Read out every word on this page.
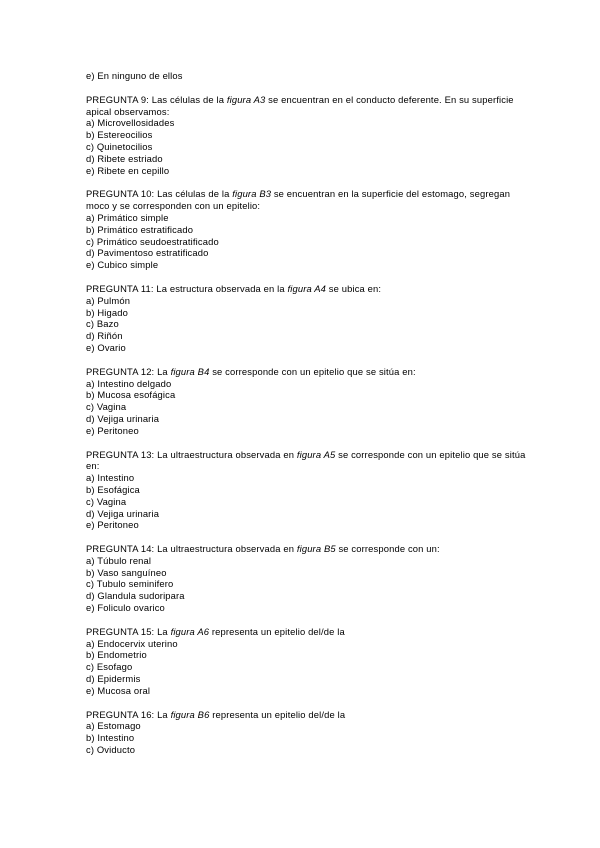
e) En ninguno de ellos
PREGUNTA 9: Las células de la figura A3 se encuentran en el conducto deferente. En su superficie apical observamos:
a) Microvellosidades
b) Estereocilios
c) Quinetocilios
d) Ribete estriado
e) Ribete en cepillo
PREGUNTA 10: Las células de la figura B3 se encuentran en la superficie del estomago, segregan moco y se corresponden con un epitelio:
a) Primático simple
b) Primático estratificado
c) Primático seudoestratificado
d) Pavimentoso estratificado
e) Cubico simple
PREGUNTA 11: La estructura observada en la figura A4 se ubica en:
a) Pulmón
b) Higado
c) Bazo
d) Riñón
e) Ovario
PREGUNTA 12: La figura B4 se corresponde con un epitelio que se sitúa en:
a) Intestino delgado
b) Mucosa esofágica
c) Vagina
d) Vejiga urinaria
e) Peritoneo
PREGUNTA 13: La ultraestructura observada en figura A5 se corresponde con un epitelio que se sitúa en:
a) Intestino
b) Esofágica
c) Vagina
d) Vejiga urinaria
e) Peritoneo
PREGUNTA 14: La ultraestructura observada en figura B5 se corresponde con un:
a) Túbulo renal
b) Vaso sanguíneo
c) Tubulo seminifero
d) Glandula sudoripara
e) Foliculo ovarico
PREGUNTA 15: La figura A6 representa un epitelio del/de la
a) Endocervix uterino
b) Endometrio
c) Esofago
d) Epidermis
e) Mucosa oral
PREGUNTA 16: La figura B6 representa un epitelio del/de la
a) Estomago
b) Intestino
c) Oviducto
